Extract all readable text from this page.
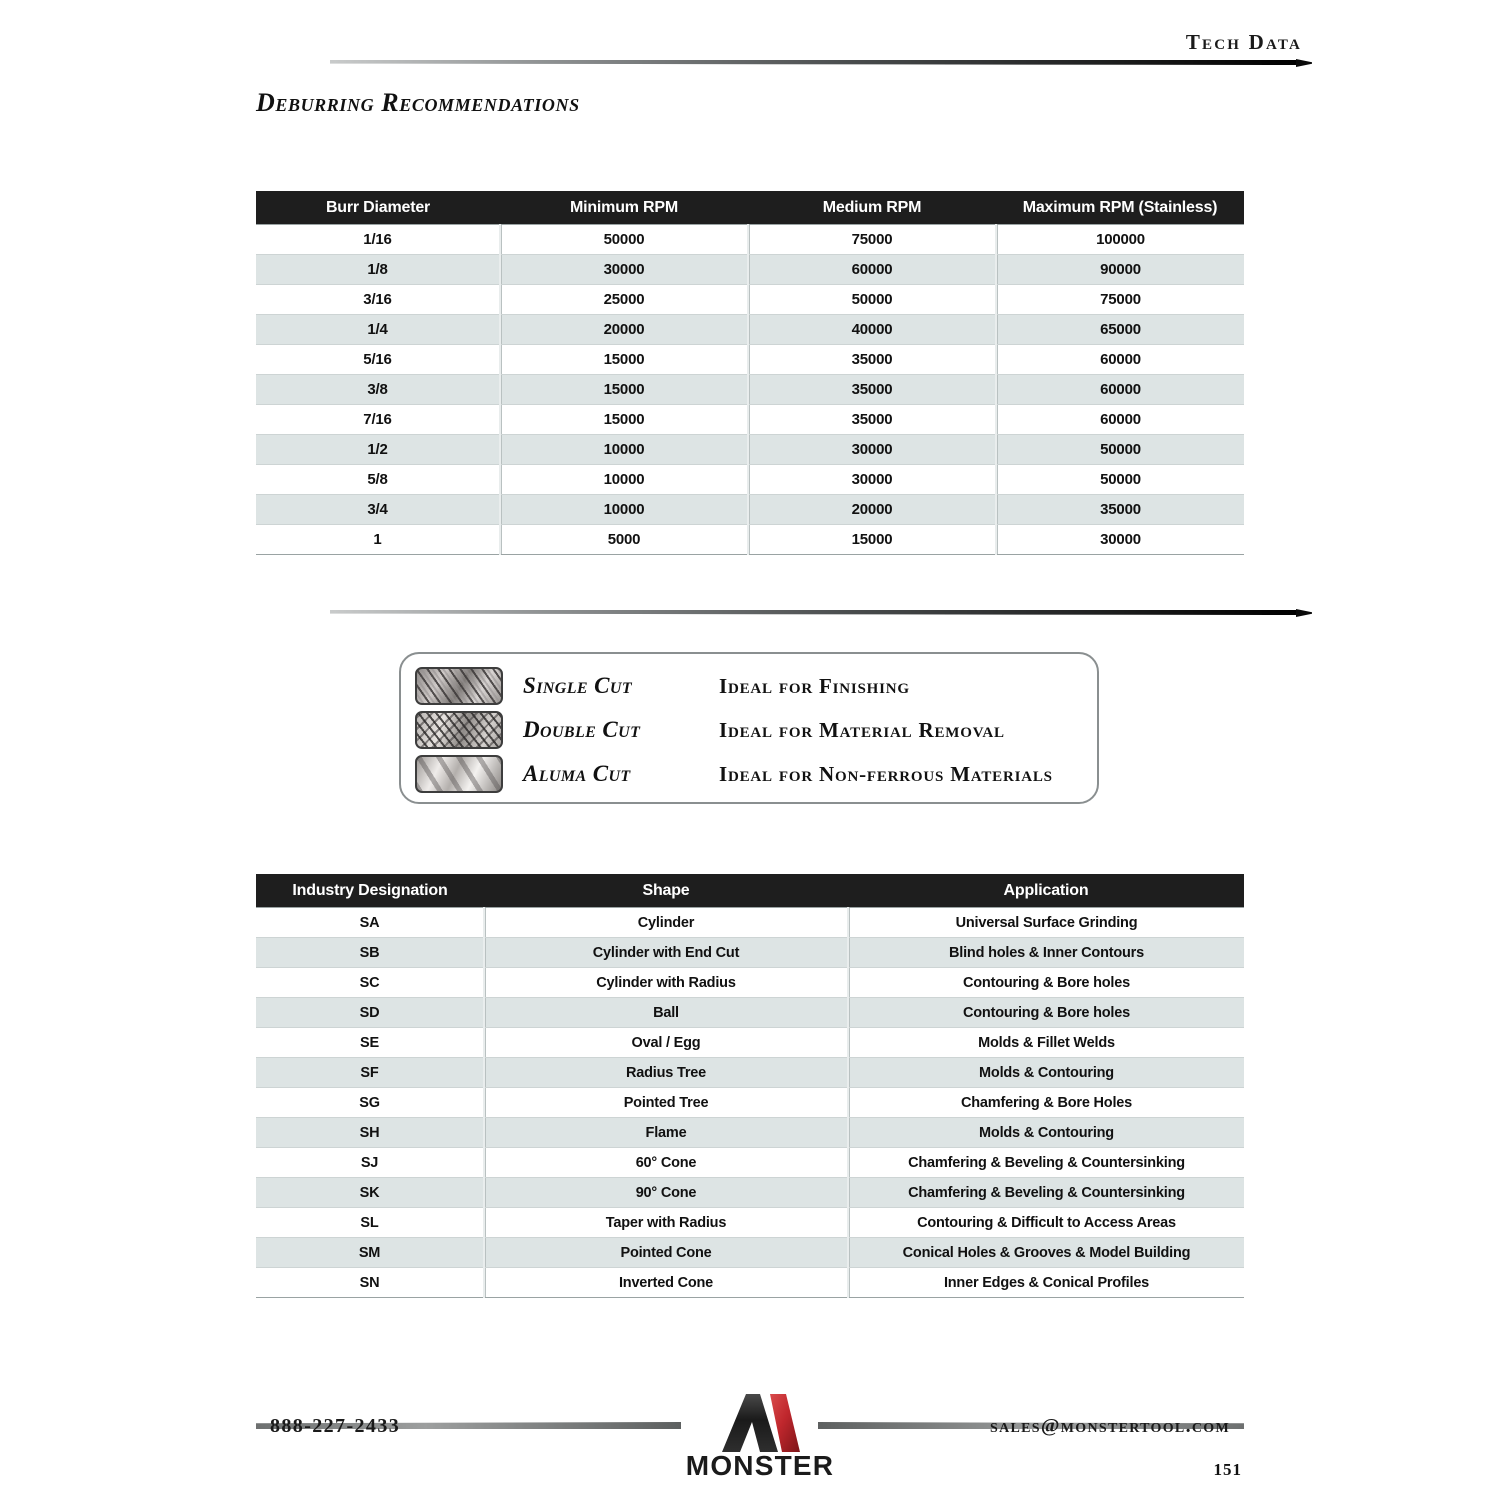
Tech Data
Deburring Recommendations
Burr Diameter	Minimum RPM	Medium RPM	Maximum RPM (Stainless)
1/16	50000	75000	100000
1/8	30000	60000	90000
3/16	25000	50000	75000
1/4	20000	40000	65000
5/16	15000	35000	60000
3/8	15000	35000	60000
7/16	15000	35000	60000
1/2	10000	30000	50000
5/8	10000	30000	50000
3/4	10000	20000	35000
1	5000	15000	30000
Single Cut	Ideal for Finishing
Double Cut	Ideal for Material Removal
Aluma Cut	Ideal for Non-ferrous Materials
Industry Designation	Shape	Application
SA	Cylinder	Universal Surface Grinding
SB	Cylinder with End Cut	Blind holes & Inner Contours
SC	Cylinder with Radius	Contouring & Bore holes
SD	Ball	Contouring & Bore holes
SE	Oval / Egg	Molds & Fillet Welds
SF	Radius Tree	Molds & Contouring
SG	Pointed Tree	Chamfering & Bore Holes
SH	Flame	Molds & Contouring
SJ	60° Cone	Chamfering & Beveling & Countersinking
SK	90° Cone	Chamfering & Beveling & Countersinking
SL	Taper with Radius	Contouring & Difficult to Access Areas
SM	Pointed Cone	Conical Holes & Grooves & Model Building
SN	Inverted Cone	Inner Edges & Conical Profiles
888-227-2433	sales@monstertool.com
151
MONSTER
